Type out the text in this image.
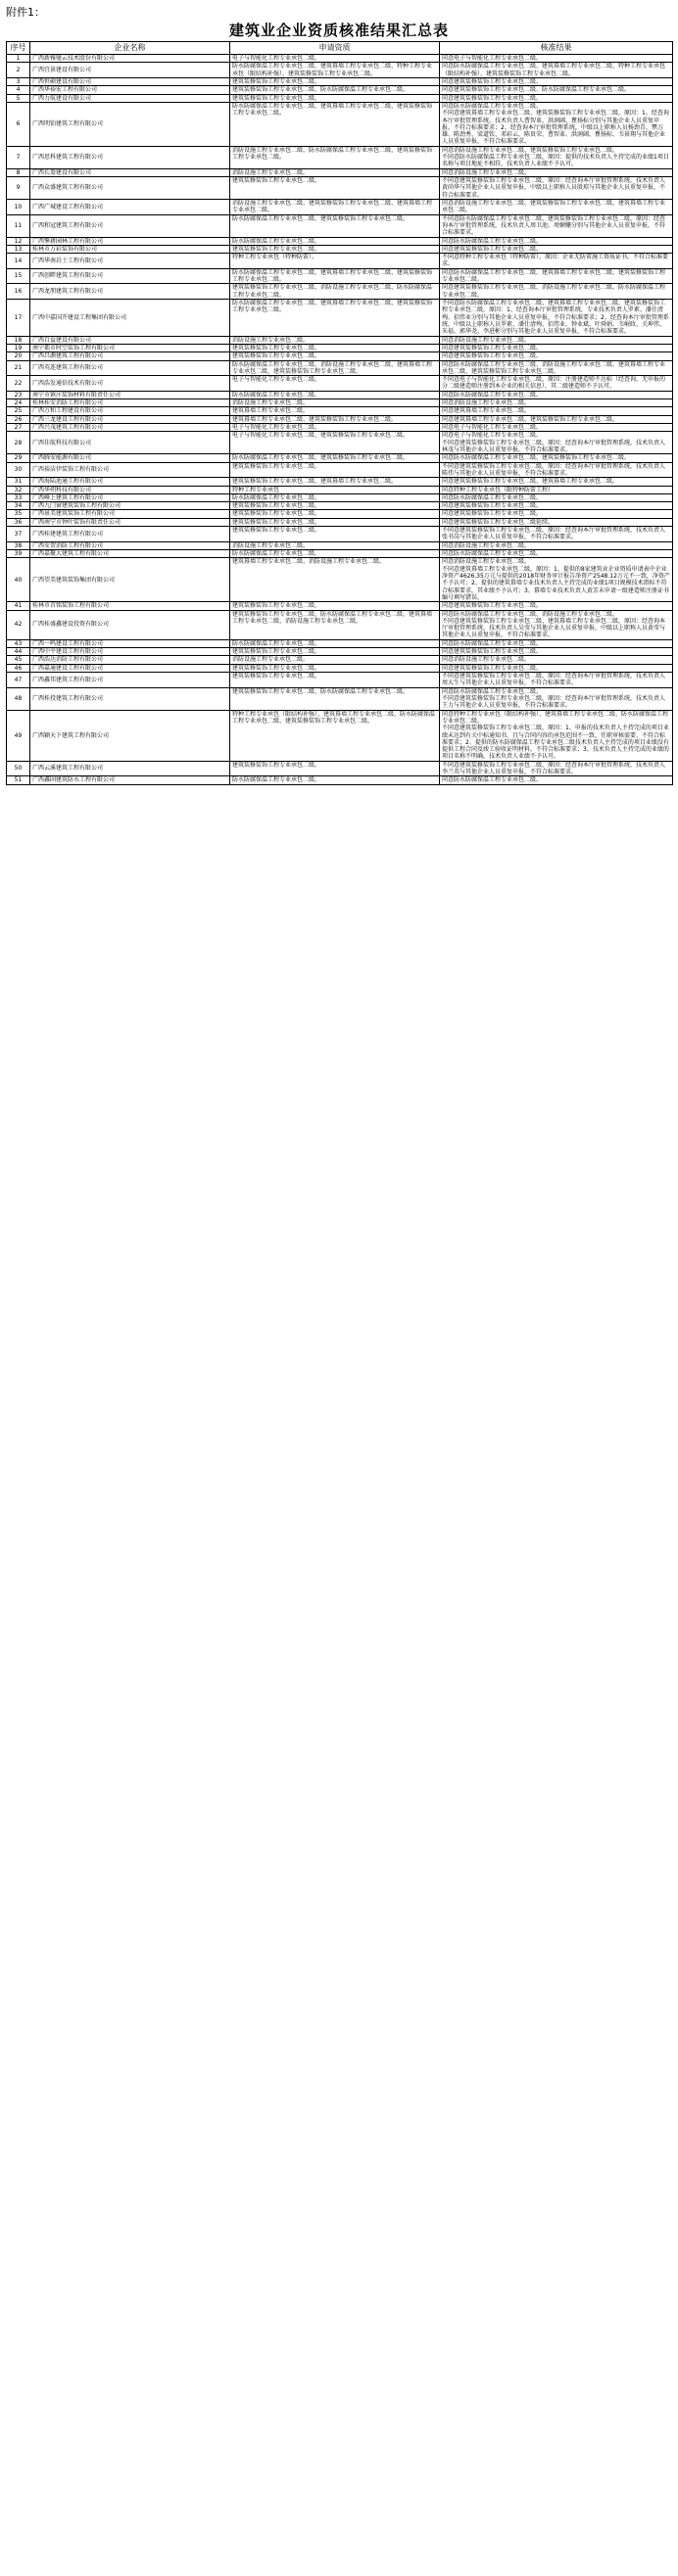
附件1：
建筑业企业资质核准结果汇总表
序号	企业名称	申请资质	核准结果
1	广西新雅驰云技术股份有限公司	电子与智能化工程专业承包二级。	同意电子与智能化工程专业承包二级。
2	广西宜景建设有限公司	防水防腐保温工程专业承包二级、建筑幕墙工程专业承包二级、特种工程专业承包（限结构补强）、建筑装修装饰工程专业承包二级。	同意防水防腐保温工程专业承包二级、建筑幕墙工程专业承包二级、特种工程专业承包（限结构补强）、建筑装修装饰工程专业承包二级。
3	广西恒硕建设有限公司	建筑装修装饰工程专业承包二级。	同意建筑装修装饰工程专业承包二级。
4	广西华裕宏工程有限公司	建筑装修装饰工程专业承包二级、防水防腐保温工程专业承包二级。	同意建筑装修装饰工程专业承包二级、防水防腐保温工程专业承包二级。
5	广西力航建设有限公司	建筑装修装饰工程专业承包二级。	同意建筑装修装饰工程专业承包二级。
6	广西明铂建筑工程有限公司	防水防腐保温工程专业承包二级、建筑幕墙工程专业承包二级、建筑装修装饰工程专业承包二级。	同意防水防腐保温工程专业承包二级。
不同意建筑幕墙工程专业承包二级、建筑装修装饰工程专业承包二级，原因：1、经查询本厅审批管理系统，技术负责人曹智革、洪润阔、瞿扬标分别与其他企业人员重复申报，不符合标准要求；2、经查询本厅审批管理系统，中级以上职称人员杨劲青、覃万雄、陈劲秀、梁道钦、邓彩云、陈贵荣、曹智革、洪润阔、瞿扬标、韦景翔与其他企业人员重复申报，不符合标准要求。
7	广西思科建筑工程有限公司	消防设施工程专业承包二级、防水防腐保温工程专业承包二级、建筑装修装饰工程专业承包二级。	同意消防设施工程专业承包二级、建筑装修装饰工程专业承包二级。
不同意防水防腐保温工程专业承包二级，原因：提供的技术负责人主持完成的业绩1项目名称与项目地址不相符，技术负责人业绩不予认可。
8	广西长盈建设有限公司	消防设施工程专业承包二级。	同意消防设施工程专业承包二级。
9	广西众盛建筑工程有限公司	建筑装修装饰工程专业承包二级。	不同意建筑装修装饰工程专业承包二级，原因：经查询本厅审批管理系统，技术负责人黄尚华与其他企业人员重复申报，中级以上职称人员殷琼与其他企业人员重复申报，不符合标准要求。
10	广西广城建设工程有限公司	消防设施工程专业承包二级、建筑装修装饰工程专业承包二级、建筑幕墙工程专业承包二级。	同意消防设施工程专业承包二级、建筑装修装饰工程专业承包二级、建筑幕墙工程专业承包二级。
11	广西和冠建筑工程有限公司	防水防腐保温工程专业承包二级、建筑装修装饰工程专业承包二级。	不同意防水防腐保温工程专业承包二级、建筑装修装饰工程专业承包二级，原因：经查询本厅审批管理系统，技术负责人周卫池、周娴姗分别与其他企业人员重复申报，不符合标准要求。
12	广西擎耕园林工程有限公司	防水防腐保温工程专业承包二级。	同意防水防腐保温工程专业承包二级。
13	桂林市万彩装饰有限公司	建筑装修装饰工程专业承包二级。	同意建筑装修装饰工程专业承包二级。
14	广西华南岩土工程有限公司	特种工程专业承包（特种防雷）。	不同意特种工程专业承包（特种防雷），原因：企业无防雷施工资质证书，不符合标准要求。
15	广西创畔建筑工程有限公司	防水防腐保温工程专业承包二级、建筑幕墙工程专业承包二级、建筑装修装饰工程专业承包二级。	同意防水防腐保温工程专业承包二级、建筑幕墙工程专业承包二级、建筑装修装饰工程专业承包二级。
16	广西龙朋建筑工程有限公司	建筑装修装饰工程专业承包二级、消防设施工程专业承包二级、防水防腐保温工程专业承包二级。	同意建筑装修装饰工程专业承包二级、消防设施工程专业承包二级、防水防腐保温工程专业承包二级。
17	广西中嘉国开建设工程集团有限公司	防水防腐保温工程专业承包二级、建筑幕墙工程专业承包二级、建筑装修装饰工程专业承包二级。	不同意防水防腐保温工程专业承包二级、建筑幕墙工程专业承包二级、建筑装修装饰工程专业承包二级，原因：1、经查询本厅审批管理系统，专业技术负责人罗素、潘仕清殉、招伟业分别与其他企业人员重复申报，不符合标准要求；2、经查询本厅审批管理系统，中级以上职称人员罗素、潘仕清殉、招伟业、钟业斌、叶舜娟、韦岷政、关坤伟、朱福、郭华尧、李进彬分别与其他企业人员重复申报，不符合标准要求。
18	广西百益建设有限公司	消防设施工程专业承包二级。	同意消防设施工程专业承包二级。
19	南宁都市时空装饰工程有限公司	建筑装修装饰工程专业承包二级。	同意建筑装修装饰工程专业承包二级。
20	广西昌源建筑工程有限公司	建筑装修装饰工程专业承包二级。	同意建筑装修装饰工程专业承包二级。
21	广西英连建筑工程有限公司	防水防腐保温工程专业承包二级、消防设施工程专业承包二级、建筑幕墙工程专业承包二级、建筑装修装饰工程专业承包二级。	同意防水防腐保温工程专业承包二级、消防设施工程专业承包二级、建筑幕墙工程专业承包二级、建筑装修装饰工程专业承包二级。
22	广西浩发通信技术有限公司	电子与智能化工程专业承包二级。	不同意电子与智能化工程专业承包二级，原因：注册建造师不达标（经查询，无申报的分二级建造师注册到本企业的相关信息），其二级建造师不予认可。
23	南宁市镇庄装饰材料有限责任公司	防水防腐保温工程专业承包二级。	同意防水防腐保温工程专业承包二级。
24	桂林桂安消防工程有限公司	消防设施工程专业承包二级。	同意消防设施工程专业承包二级。
25	广西万和工程建设有限公司	建筑幕墙工程专业承包二级。	同意建筑幕墙工程专业承包二级。
26	广西三龙建设工程有限公司	建筑幕墙工程专业承包二级、建筑装修装饰工程专业承包二级。	同意建筑幕墙工程专业承包二级、建筑装修装饰工程专业承包二级。
27	广西兴茂建筑工程有限公司	电子与智能化工程专业承包二级。	同意电子与智能化工程专业承包二级。
28	广西佳航科技有限公司	电子与智能化工程专业承包二级、建筑装修装饰工程专业承包二级。	同意电子与智能化工程专业承包二级。
不同意建筑装修装饰工程专业承包二级，原因：经查询本厅审批管理系统，技术负责人林茂与其他企业人员重复申报，不符合标准要求。
29	广西腾安能源有限公司	防水防腐保温工程专业承包二级、建筑装修装饰工程专业承包二级。	同意防水防腐保温工程专业承包二级、建筑装修装饰工程专业承包二级。
30	广西裕洁伊装饰工程有限公司	建筑装修装饰工程专业承包二级。	不同意建筑装修装饰工程专业承包二级，原因：经查询本厅审批管理系统，技术负责人陈伟与其他企业人员重复申报，不符合标准要求。
31	广西海陆池通工程有限公司	建筑装修装饰工程专业承包二级、建筑幕墙工程专业承包二级。	同意建筑装修装饰工程专业承包二级、建筑幕墙工程专业承包二级。
32	广西华朔科技有限公司	特种工程专业承包	同意特种工程专业承包（限特种防雷工程）
33	广西峰上建筑工程有限公司	防水防腐保温工程专业承包二级。	同意防水防腐保温工程专业承包二级。
34	广西九门窗建筑装饰工程有限公司	建筑装修装饰工程专业承包二级。	同意建筑装修装饰工程专业承包二级。
35	广西景美建筑装饰工程有限公司	建筑装修装饰工程专业承包二级。	同意建筑装修装饰工程专业承包二级。
36	广西南宁市钟叶装饰有限责任公司	建筑装修装饰工程专业承包二级。	同意建筑装修装饰工程专业承包二级延续。
37	广西桂建建筑工程有限公司	建筑装修装饰工程专业承包二级。	不同意建筑装修装饰工程专业承包二级，原因：经查询本厅审批管理系统，技术负责人张书岗与其他企业人员重复申报，不符合标准要求。
38	广西安贺消防工程有限公司	消防设施工程专业承包二级。	同意消防设施工程专业承包二级。
39	广西嘉聚大建筑工程有限公司	防水防腐保温工程专业承包二级。	同意防水防腐保温工程专业承包二级。
40	广西望美建筑装饰集团有限公司	建筑幕墙工程专业承包二级、消防设施工程专业承包二级。	同意消防设施工程专业承包二级。
不同意建筑幕墙工程专业承包二级，原因：1、提供的8家建筑业企业资质申请表中企业净资产4626.35万元与提供的2018年财务审计报告净资产2548.12万元不一致，净资产不予认可；2、提供的建筑幕墙专业技术负责人主持完成的业绩1项目规模技术指标不符合标准要求，其业绩不予认可；3、幕墙专业技术负责人黄芳未申请一级建造师注册证书编号填写错误。
41	桂林市首铭装饰工程有限公司	建筑装修装饰工程专业承包二级。	同意建筑装修装饰工程专业承包二级。
42	广西桂盛鑫建设投资有限公司	建筑装修装饰工程专业承包二级、防水防腐保温工程专业承包二级、建筑幕墙工程专业承包二级、消防设施工程专业承包二级。	同意防水防腐保温工程专业承包二级、消防设施工程专业承包二级。
不同意建筑装修装饰工程专业承包二级、建筑幕墙工程专业承包二级，原因：经查询本厅审批管理系统，技术负责人吴莹与其他企业人员重复申报，中级以上职称人员黄莹与其他企业人员重复申报，不符合标准要求。
43	广西一鸣建设工程有限公司	防水防腐保温工程专业承包二级。	同意防水防腐保温工程专业承包二级。
44	广西中平建设工程有限公司	建筑装修装饰工程专业承包二级。	同意建筑装修装饰工程专业承包二级。
45	广西浩达消防工程有限公司	消防设施工程专业承包二级。	同意消防设施工程专业承包二级。
46	广西嘉通建设工程有限公司	建筑装修装饰工程专业承包二级。	同意建筑装修装饰工程专业承包二级。
47	广西鑫邦建筑工程有限公司	建筑装修装饰工程专业承包二级。	不同意建筑装修装饰工程专业承包二级，原因：经查询本厅审批管理系统，技术负责人周大生与其他企业人员重复申报，不符合标准要求。
48	广西桂投建筑工程有限公司	建筑装修装饰工程专业承包二级、防水防腐保温工程专业承包二级。	同意防水防腐保温工程专业承包二级。
不同意建筑装修装饰工程专业承包二级，原因：经查询本厅审批管理系统，技术负责人王力与其他企业人员重复申报，不符合标准要求。
49	广西颖天下建筑工程有限公司	特种工程专业承包（限结构补强）、建筑幕墙工程专业承包二级、防水防腐保温工程专业承包二级、建筑装修装饰工程专业承包二级。	同意特种工程专业承包（限结构补强）、建筑幕墙工程专业承包二级、防水防腐保温工程专业承包二级。
不同意建筑装修装饰工程专业承包二级，原因：1、申报的技术负责人主持完成的项目业绩未达到有关中标通知书，且与合同内容的承包范围不一致、任职审核需要、不符合标准要求；2、提供的防水防腐保温工程专业承包二级技术负责人主持完成的项目业绩没有提供工程合同及竣工验收证明材料，不符合标准要求；3、技术负责人主持完成的业绩的项目名称不明确，技术负责人业绩不予认可。
50	广西云溪建筑工程有限公司	建筑装修装饰工程专业承包二级。	不同意建筑装修装饰工程专业承包二级，原因：经查询本厅审批管理系统，技术负责人李兰英与其他企业人员重复申报，不符合标准要求。
51	广西鑫固建筑防水工程有限公司	防水防腐保温工程专业承包二级。	同意防水防腐保温工程专业承包二级。
